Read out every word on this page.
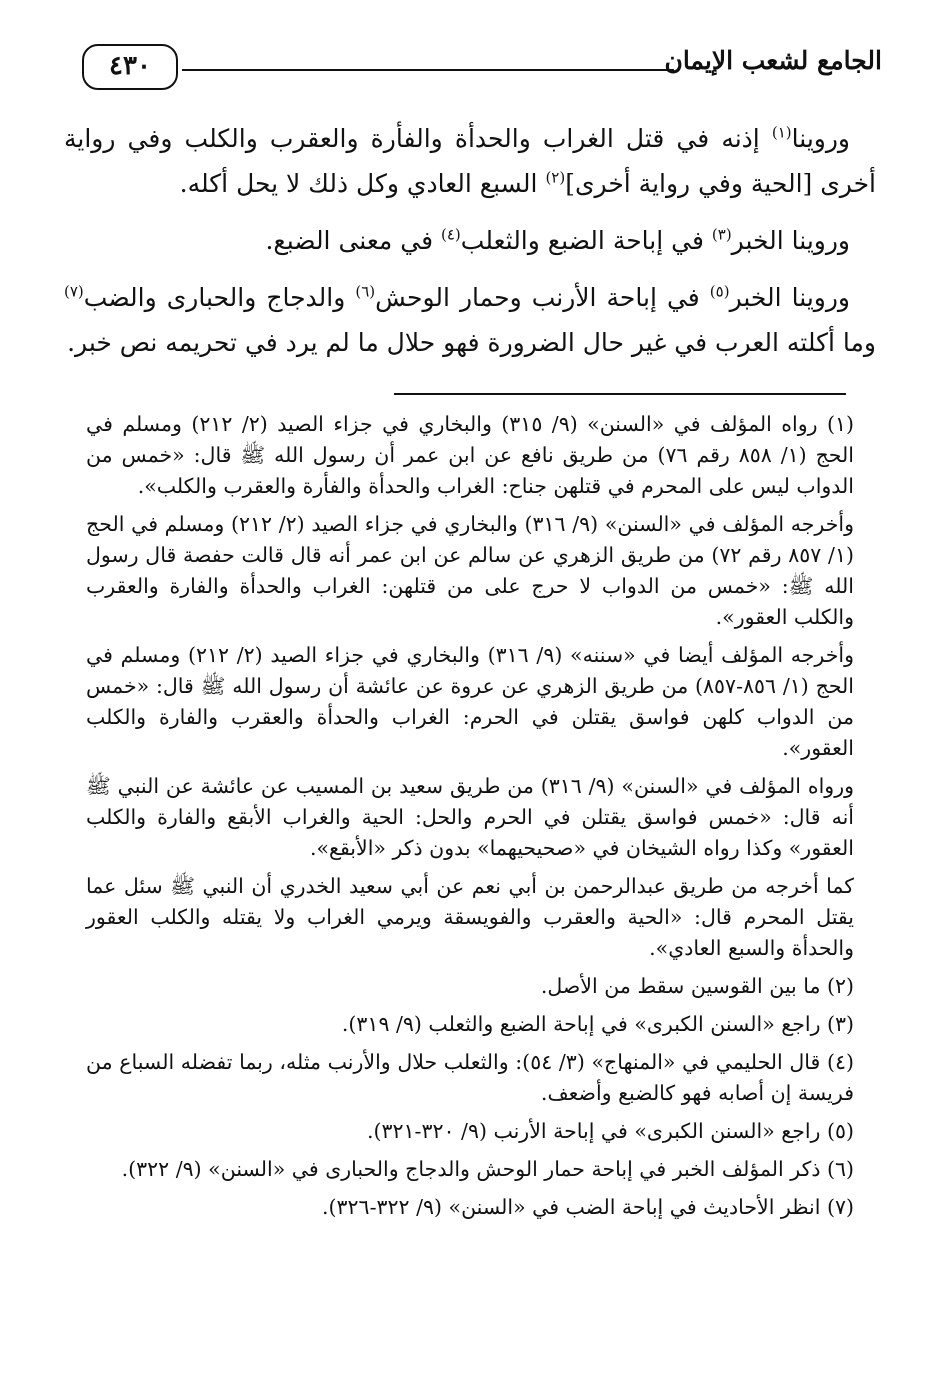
الجامع لشعب الإيمان
٤٣٠

وروينا$^{(١)}$ إذنه في قتل الغراب والحدأة والفأرة والعقرب والكلب وفي رواية أخرى [الحية وفي رواية أخرى]$^{(٢)}$ السبع العادي وكل ذلك لا يحل أكله.

وروينا الخبر$^{(٣)}$ في إباحة الضبع والثعلب$^{(٤)}$ في معنى الضبع.

وروينا الخبر$^{(٥)}$ في إباحة الأرنب وحمار الوحش$^{(٦)}$ والدجاج والحبارى والضب$^{(٧)}$ وما أكلته العرب في غير حال الضرورة فهو حلال ما لم يرد في تحريمه نص خبر.

(١) رواه المؤلف في «السنن» (٩/ ٣١٥) والبخاري في جزاء الصيد (٢/ ٢١٢) ومسلم في الحج (١/ ٨٥٨ رقم ٧٦) من طريق نافع عن ابن عمر أن رسول الله ﷺ قال: «خمس من الدواب ليس على المحرم في قتلهن جناح: الغراب والحدأة والفأرة والعقرب والكلب».

وأخرجه المؤلف في «السنن» (٩/ ٣١٦) والبخاري في جزاء الصيد (٢/ ٢١٢) ومسلم في الحج (١/ ٨٥٧ رقم ٧٢) من طريق الزهري عن سالم عن ابن عمر أنه قال قالت حفصة قال رسول الله ﷺ: «خمس من الدواب لا حرج على من قتلهن: الغراب والحدأة والفارة والعقرب والكلب العقور».

وأخرجه المؤلف أيضا في «سننه» (٩/ ٣١٦) والبخاري في جزاء الصيد (٢/ ٢١٢) ومسلم في الحج (١/ ٨٥٦-٨٥٧) من طريق الزهري عن عروة عن عائشة أن رسول الله ﷺ قال: «خمس من الدواب كلهن فواسق يقتلن في الحرم: الغراب والحدأة والعقرب والفارة والكلب العقور».

ورواه المؤلف في «السنن» (٩/ ٣١٦) من طريق سعيد بن المسيب عن عائشة عن النبي ﷺ أنه قال: «خمس فواسق يقتلن في الحرم والحل: الحية والغراب الأبقع والفارة والكلب العقور» وكذا رواه الشيخان في «صحيحيهما» بدون ذكر «الأبقع».

كما أخرجه من طريق عبدالرحمن بن أبي نعم عن أبي سعيد الخدري أن النبي ﷺ سئل عما يقتل المحرم قال: «الحية والعقرب والفويسقة ويرمي الغراب ولا يقتله والكلب العقور والحدأة والسبع العادي».

(٢) ما بين القوسين سقط من الأصل.

(٣) راجع «السنن الكبرى» في إباحة الضبع والثعلب (٩/ ٣١٩).

(٤) قال الحليمي في «المنهاج» (٣/ ٥٤): والثعلب حلال والأرنب مثله، ربما تفضله السباع من فريسة إن أصابه فهو كالضبع وأضعف.

(٥) راجع «السنن الكبرى» في إباحة الأرنب (٩/ ٣٢٠-٣٢١).

(٦) ذكر المؤلف الخبر في إباحة حمار الوحش والدجاج والحبارى في «السنن» (٩/ ٣٢٢).

(٧) انظر الأحاديث في إباحة الضب في «السنن» (٩/ ٣٢٢-٣٢٦).
